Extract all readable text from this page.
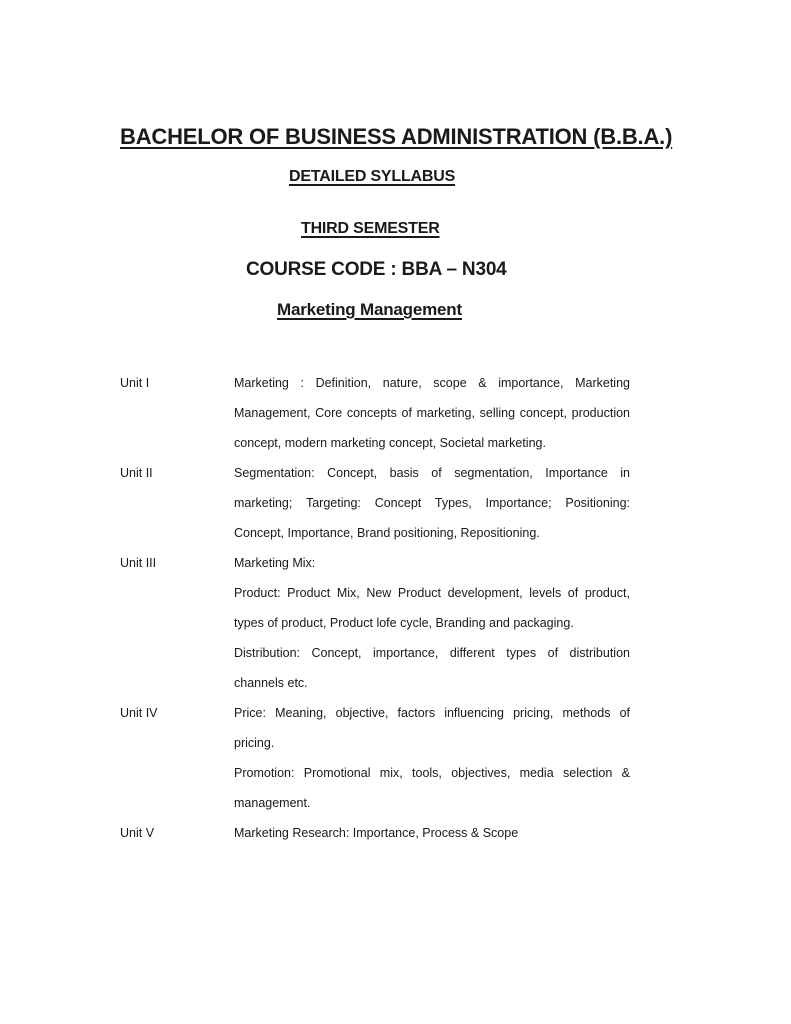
BACHELOR OF BUSINESS ADMINISTRATION (B.B.A.)
DETAILED SYLLABUS
THIRD SEMESTER
COURSE CODE : BBA – N304
Marketing Management
Unit I	Marketing : Definition, nature, scope & importance, Marketing Management, Core concepts of marketing, selling concept, production concept, modern marketing concept, Societal marketing.

Unit II	Segmentation: Concept, basis of segmentation, Importance in marketing; Targeting: Concept Types, Importance; Positioning: Concept, Importance, Brand positioning, Repositioning.

Unit III	Marketing Mix:

Product: Product Mix, New Product development, levels of product, types of product, Product lofe cycle, Branding and packaging.

Distribution: Concept, importance, different types of distribution channels etc.

Unit IV	Price: Meaning, objective, factors influencing pricing, methods of pricing.

Promotion: Promotional mix, tools, objectives, media selection & management.

Unit V	Marketing Research: Importance, Process & Scope
